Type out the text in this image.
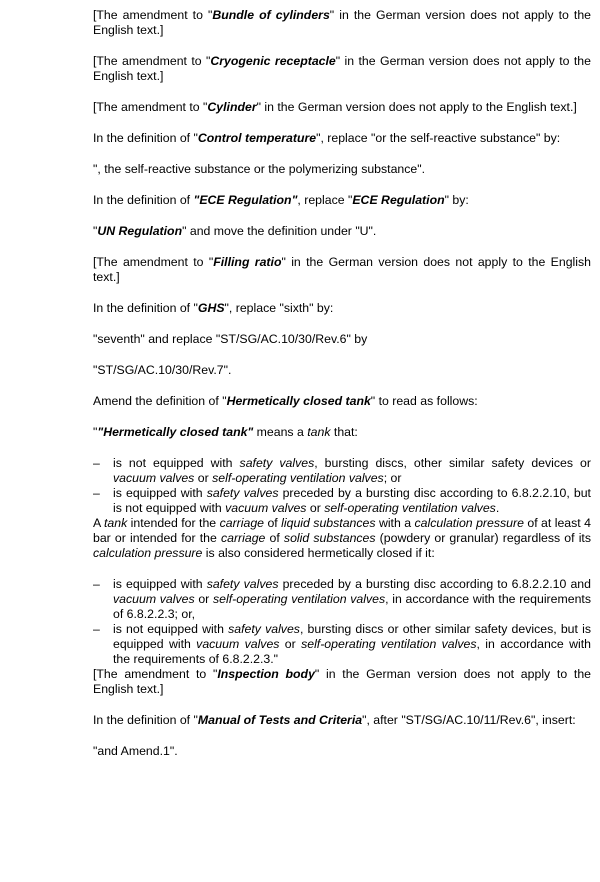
[The amendment to "Bundle of cylinders" in the German version does not apply to the English text.]

[The amendment to "Cryogenic receptacle" in the German version does not apply to the English text.]

[The amendment to "Cylinder" in the German version does not apply to the English text.]

In the definition of "Control temperature", replace "or the self-reactive substance" by:

", the self-reactive substance or the polymerizing substance".

In the definition of "ECE Regulation", replace "ECE Regulation" by:

"UN Regulation" and move the definition under "U".

[The amendment to "Filling ratio" in the German version does not apply to the English text.]

In the definition of "GHS", replace "sixth" by:

"seventh" and replace "ST/SG/AC.10/30/Rev.6" by

"ST/SG/AC.10/30/Rev.7".

Amend the definition of "Hermetically closed tank" to read as follows:

""Hermetically closed tank" means a tank that:

– is not equipped with safety valves, bursting discs, other similar safety devices or vacuum valves or self-operating ventilation valves; or
– is equipped with safety valves preceded by a bursting disc according to 6.8.2.2.10, but is not equipped with vacuum valves or self-operating ventilation valves.

A tank intended for the carriage of liquid substances with a calculation pressure of at least 4 bar or intended for the carriage of solid substances (powdery or granular) regardless of its calculation pressure is also considered hermetically closed if it:

– is equipped with safety valves preceded by a bursting disc according to 6.8.2.2.10 and vacuum valves or self-operating ventilation valves, in accordance with the requirements of 6.8.2.2.3; or,
– is not equipped with safety valves, bursting discs or other similar safety devices, but is equipped with vacuum valves or self-operating ventilation valves, in accordance with the requirements of 6.8.2.2.3."

[The amendment to "Inspection body" in the German version does not apply to the English text.]

In the definition of "Manual of Tests and Criteria", after "ST/SG/AC.10/11/Rev.6", insert:

"and Amend.1".
